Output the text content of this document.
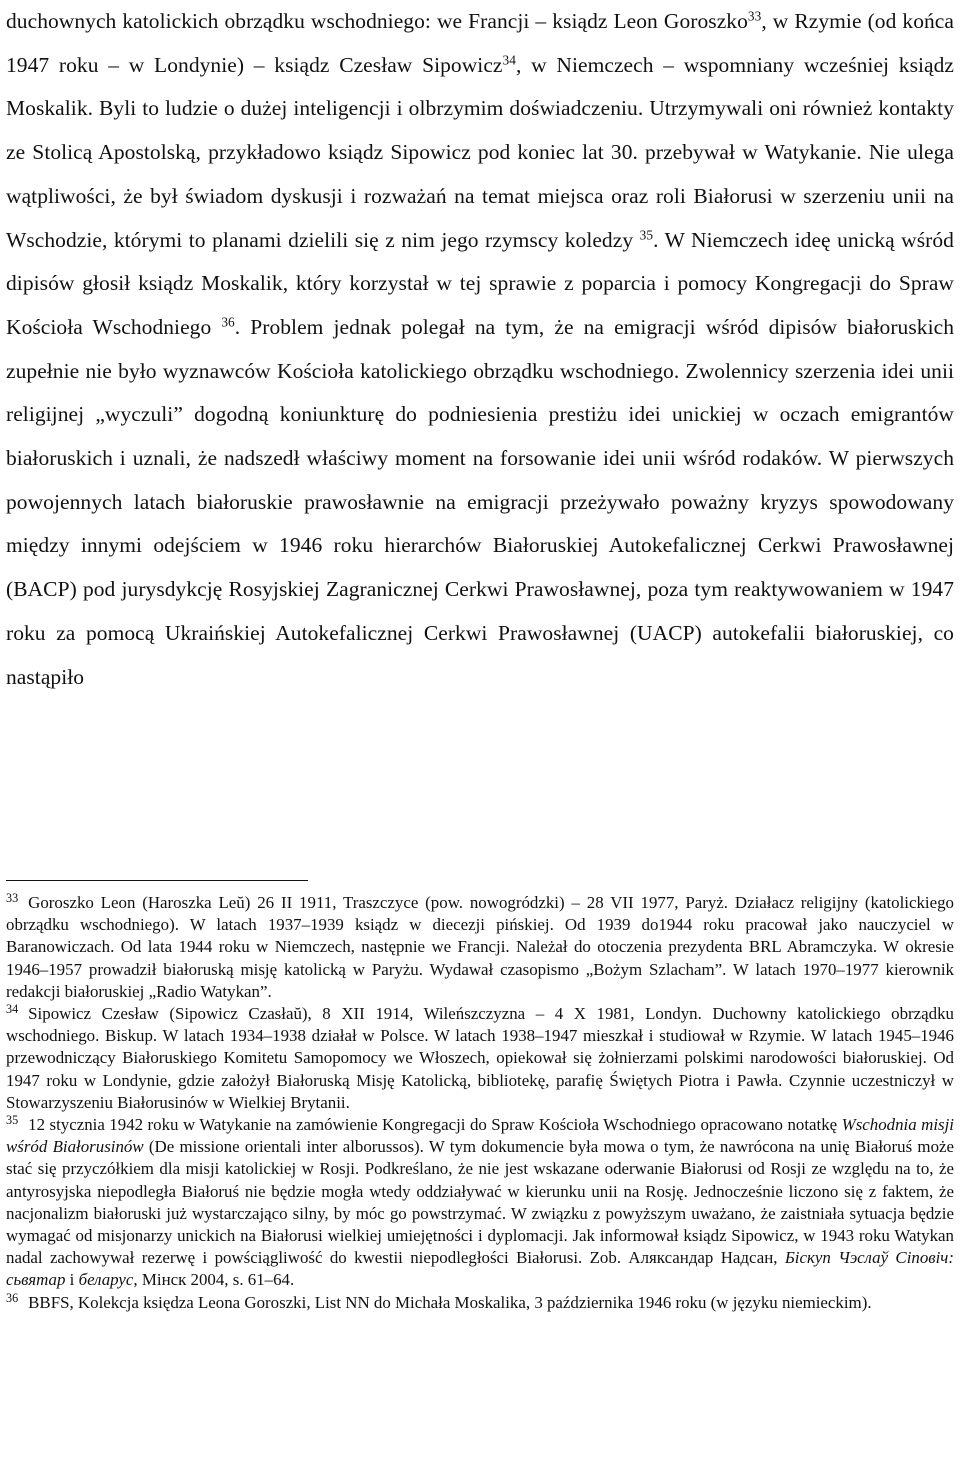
duchownych katolickich obrządku wschodniego: we Francji – ksiądz Leon Goroszko$^{33}$, w Rzymie (od końca 1947 roku – w Londynie) – ksiądz Czesław Sipowicz$^{34}$, w Niemczech – wspomniany wcześniej ksiądz Moskalik. Byli to ludzie o dużej inteligencji i olbrzymim doświadczeniu. Utrzymywali oni również kontakty ze Stolicą Apostolską, przykładowo ksiądz Sipowicz pod koniec lat 30. przebywał w Watykanie. Nie ulega wątpliwości, że był świadom dyskusji i rozważań na temat miejsca oraz roli Białorusi w szerzeniu unii na Wschodzie, którymi to planami dzielili się z nim jego rzymscy koledzy $^{35}$. W Niemczech ideę unicką wśród dipisów głosił ksiądz Moskalik, który korzystał w tej sprawie z poparcia i pomocy Kongregacji do Spraw Kościoła Wschodniego $^{36}$. Problem jednak polegał na tym, że na emigracji wśród dipisów białoruskich zupełnie nie było wyznawców Kościoła katolickiego obrządku wschodniego. Zwolennicy szerzenia idei unii religijnej „wyczuli” dogodną koniunkturę do podniesienia prestiżu idei unickiej w oczach emigrantów białoruskich i uznali, że nadszedł właściwy moment na forsowanie idei unii wśród rodaków. W pierwszych powojennych latach białoruskie prawosławnie na emigracji przeżywało poważny kryzys spowodowany między innymi odejściem w 1946 roku hierarchów Białoruskiej Autokefalicznej Cerkwi Prawosławnej (BACP) pod jurysdykcję Rosyjskiej Zagranicznej Cerkwi Prawosławnej, poza tym reaktywowaniem w 1947 roku za pomocą Ukraińskiej Autokefalicznej Cerkwi Prawosławnej (UACP) autokefalii białoruskiej, co nastąpiło

$^{33}$ Goroszko Leon (Haroszka Leŭ) 26 II 1911, Traszczyce (pow. nowogródzki) – 28 VII 1977, Paryż. Działacz religijny (katolickiego obrządku wschodniego). W latach 1937–1939 ksiądz w diecezji pińskiej. Od 1939 do1944 roku pracował jako nauczyciel w Baranowiczach. Od lata 1944 roku w Niemczech, następnie we Francji. Należał do otoczenia prezydenta BRL Abramczyka. W okresie 1946–1957 prowadził białoruską misję katolicką w Paryżu. Wydawał czasopismo „Bożym Szlacham”. W latach 1970–1977 kierownik redakcji białoruskiej „Radio Watykan”.

$^{34}$ Sipowicz Czesław (Sipowicz Czasłaŭ), 8 XII 1914, Wileńszczyzna – 4 X 1981, Londyn. Duchowny katolickiego obrządku wschodniego. Biskup. W latach 1934–1938 działał w Polsce. W latach 1938–1947 mieszkał i studiował w Rzymie. W latach 1945–1946 przewodniczący Białoruskiego Komitetu Samopomocy we Włoszech, opiekował się żołnierzami polskimi narodowości białoruskiej. Od 1947 roku w Londynie, gdzie założył Białoruską Misję Katolicką, bibliotekę, parafię Świętych Piotra i Pawła. Czynnie uczestniczył w Stowarzyszeniu Białorusinów w Wielkiej Brytanii.

$^{35}$ 12 stycznia 1942 roku w Watykanie na zamówienie Kongregacji do Spraw Kościoła Wschodniego opracowano notatkę Wschodnia misji wśród Białorusinów (De missione orientali inter alborussos). W tym dokumencie była mowa o tym, że nawrócona na unię Białoruś może stać się przyczółkiem dla misji katolickiej w Rosji. Podkreślano, że nie jest wskazane oderwanie Białorusi od Rosji ze względu na to, że antyrosyjska niepodległa Białoruś nie będzie mogła wtedy oddziaływać w kierunku unii na Rosję. Jednocześnie liczono się z faktem, że nacjonalizm białoruski już wystarczająco silny, by móc go powstrzymać. W związku z powyższym uważano, że zaistniała sytuacja będzie wymagać od misjonarzy unickich na Białorusi wielkiej umiejętności i dyplomacji. Jak informował ksiądz Sipowicz, w 1943 roku Watykan nadal zachowywał rezerwę i powściągliwość do kwestii niepodległości Białorusi. Zob. Аляксандар Надсан, Біскуп Чэслаў Сіповіч: сьвятар і беларус, Мінск 2004, s. 61–64.

$^{36}$ BBFS, Kolekcja księdza Leona Goroszki, List NN do Michała Moskalika, 3 października 1946 roku (w języku niemieckim).
